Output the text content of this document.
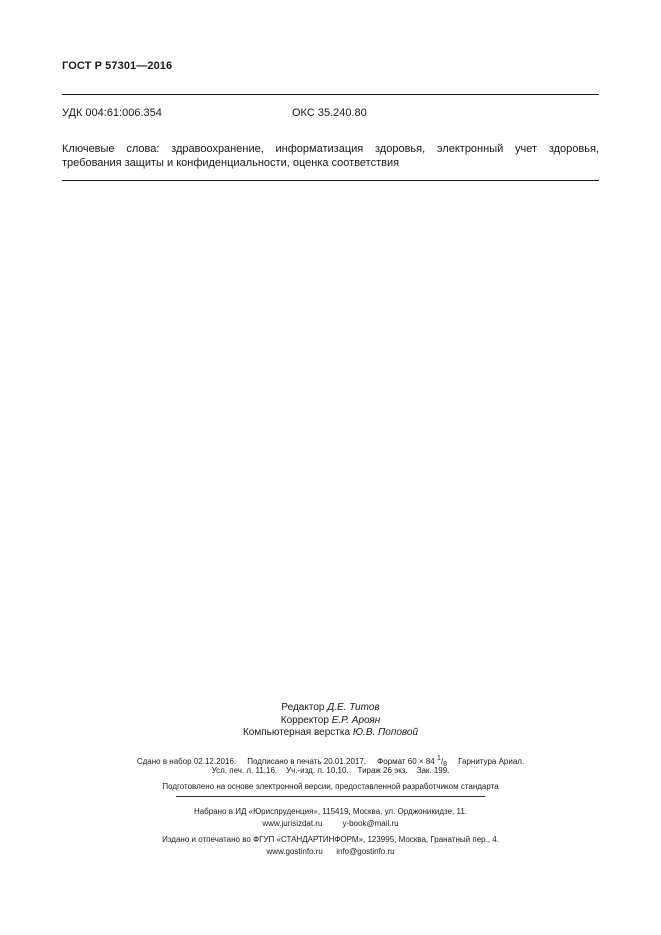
ГОСТ Р 57301—2016
УДК 004:61:006.354	ОКС 35.240.80
Ключевые слова: здравоохранение, информатизация здоровья, электронный учет здоровья, требования защиты и конфиденциальности, оценка соответствия
Редактор Д.Е. Титов
Корректор Е.Р. Ароян
Компьютерная верстка Ю.В. Поповой
Сдано в набор 02.12.2016. Подписано в печать 20.01.2017. Формат 60 × 84 $^1/_8$ Гарнитура Ариал.
Усл. печ. л. 11,16. Уч.-изд. л. 10,10. Тираж 26 экз. Зак. 199.
Подготовлено на основе электронной версии, предоставленной разработчиком стандарта
Набрано в ИД «Юриспруденция», 115419, Москва, ул. Орджоникидзе, 11.
www.jurisizdat.ru	y-book@mail.ru
Издано и отпечатано во ФГУП «СТАНДАРТИНФОРМ», 123995, Москва, Гранатный пер., 4.
www.gostinfo.ru info@gostinfo.ru
